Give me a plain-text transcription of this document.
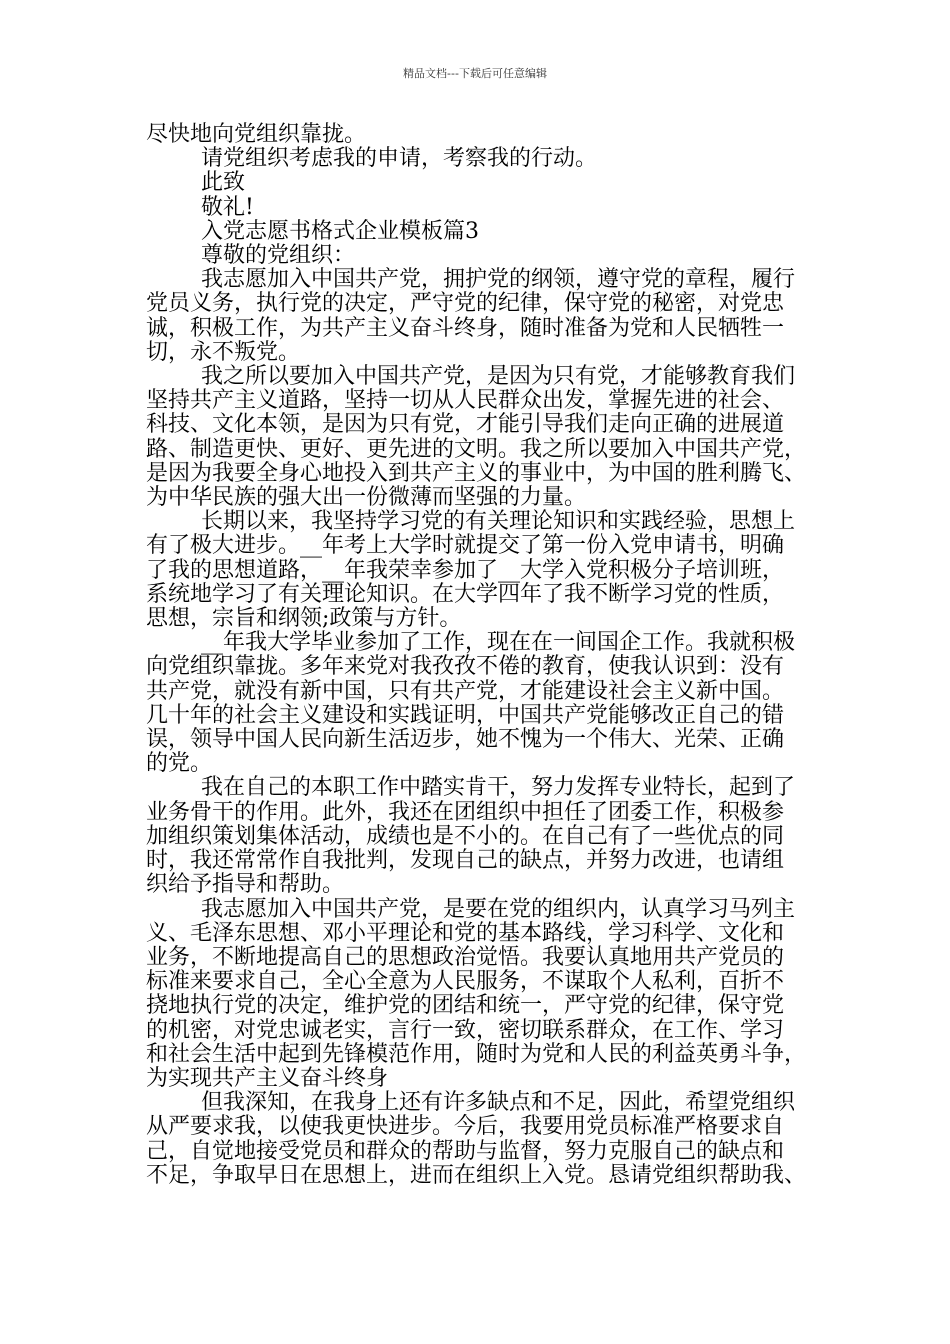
精品文档---下载后可任意编辑
尽快地向党组织靠拢。
请党组织考虑我的申请，考察我的行动。
此致
敬礼!
入党志愿书格式企业模板篇3
尊敬的党组织：
我志愿加入中国共产党，拥护党的纲领，遵守党的章程，履行
党员义务，执行党的决定，严守党的纪律，保守党的秘密，对党忠
诚，积极工作，为共产主义奋斗终身，随时准备为党和人民牺牲一
切，永不叛党。
我之所以要加入中国共产党，是因为只有党，才能够教育我们
坚持共产主义道路，坚持一切从人民群众出发，掌握先进的社会、
科技、文化本领，是因为只有党，才能引导我们走向正确的进展道
路、制造更快、更好、更先进的文明。我之所以要加入中国共产党，
是因为我要全身心地投入到共产主义的事业中，为中国的胜利腾飞、
为中华民族的强大出一份微薄而坚强的力量。
长期以来，我坚持学习党的有关理论知识和实践经验，思想上
有了极大进步。__年考上大学时就提交了第一份入党申请书，明确
了我的思想道路，__年我荣幸参加了__大学入党积极分子培训班，
系统地学习了有关理论知识。在大学四年了我不断学习党的性质，
思想，宗旨和纲领;政策与方针。
__年我大学毕业参加了工作，现在在一间国企工作。我就积极
向党组织靠拢。多年来党对我孜孜不倦的教育，使我认识到：没有
共产党，就没有新中国，只有共产党，才能建设社会主义新中国。
几十年的社会主义建设和实践证明，中国共产党能够改正自己的错
误，领导中国人民向新生活迈步，她不愧为一个伟大、光荣、正确
的党。
我在自己的本职工作中踏实肯干，努力发挥专业特长，起到了
业务骨干的作用。此外，我还在团组织中担任了团委工作，积极参
加组织策划集体活动，成绩也是不小的。在自己有了一些优点的同
时，我还常常作自我批判，发现自己的缺点，并努力改进，也请组
织给予指导和帮助。
我志愿加入中国共产党，是要在党的组织内，认真学习马列主
义、毛泽东思想、邓小平理论和党的基本路线，学习科学、文化和
业务，不断地提高自己的思想政治觉悟。我要认真地用共产党员的
标准来要求自己，全心全意为人民服务，不谋取个人私利，百折不
挠地执行党的决定，维护党的团结和统一，严守党的纪律，保守党
的机密，对党忠诚老实，言行一致，密切联系群众，在工作、学习
和社会生活中起到先锋模范作用，随时为党和人民的利益英勇斗争，
为实现共产主义奋斗终身
但我深知，在我身上还有许多缺点和不足，因此，希望党组织
从严要求我，以使我更快进步。今后，我要用党员标准严格要求自
己，自觉地接受党员和群众的帮助与监督，努力克服自己的缺点和
不足，争取早日在思想上，进而在组织上入党。恳请党组织帮助我、
